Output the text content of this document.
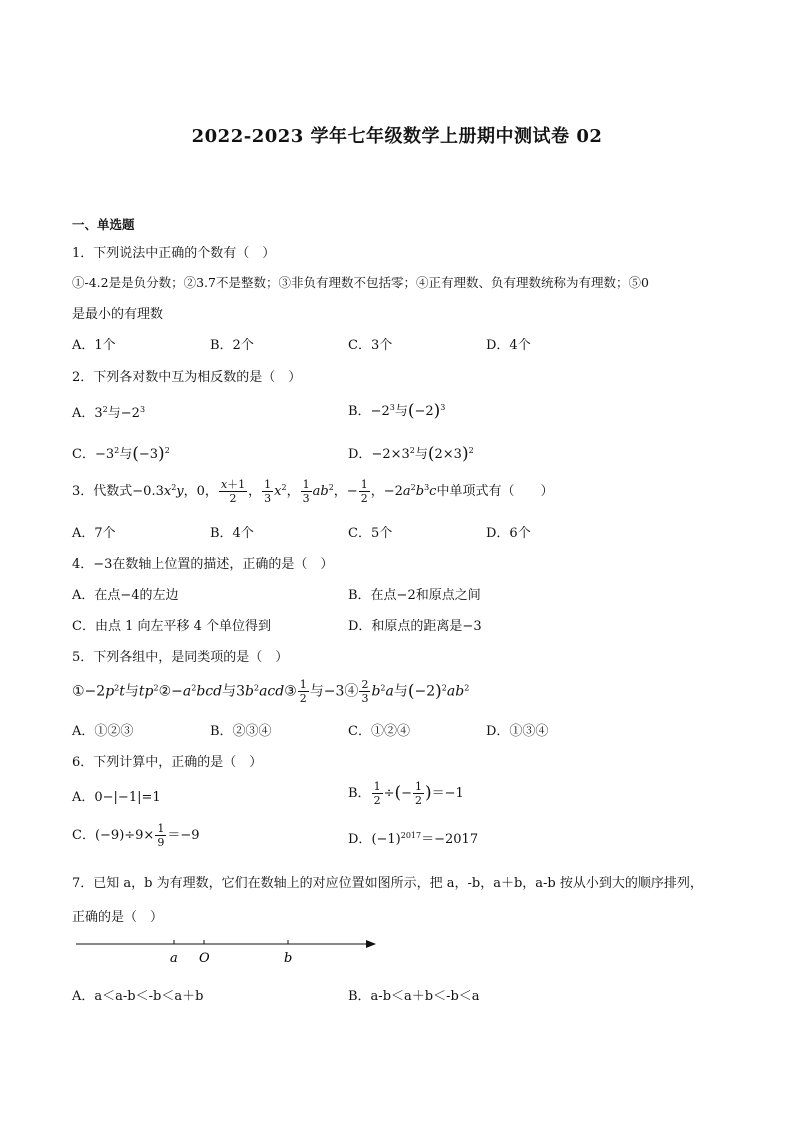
2022-2023 学年七年级数学上册期中测试卷 02
一、单选题
1．下列说法中正确的个数有（　）
①-4.2是是负分数；②3.7不是整数；③非负有理数不包括零；④正有理数、负有理数统称为有理数；⑤0
是最小的有理数
A．1个	B．2个	C．3个	D．4个
2．下列各对数中互为相反数的是（　）
A．$3^2$与$-2^3$	B．$-2^3$与$(-2)^3$
C．$-3^2$与$(-3)^2$	D．$-2\times 3^2$与$(2\times 3)^2$
3．代数式$-0.3x^2y$，0， $\frac{x+1}{2}$ ， $\frac{1}{3} x^2$， $\frac{1}{3} ab^2$，− $\frac{1}{2}$ ，$-2a^2b^3c$中单项式有（　　）
A．7个	B．4个	C．5个	D．6个
4．−3在数轴上位置的描述，正确的是（　）
A．在点−4的左边	B．在点−2和原点之间
C．由点 1 向左平移 4 个单位得到	D．和原点的距离是−3
5．下列各组中，是同类项的是（　）
$①-2p^2t$与$tp^2②-a^2bcd$与$3b^2acd③ \frac{1}{2}$ 与−3④ $\frac{2}{3} b^2a$与$(-2)^2ab^2$
A．①②③	B．②③④	C．①②④	D．①③④
6．下列计算中，正确的是（　）
A．0−|−1|=1	B． $\frac{1}{2}$ ÷(− $\frac{1}{2} )=-1$
C．$(-9)\div 9\times \frac{1}{9} =-9$	D．$(-1)^{2017}=-2017$
7．已知 a，b 为有理数，它们在数轴上的对应位置如图所示，把 a，-b，a＋b，a-b 按从小到大的顺序排列，
正确的是（　）
a O	b
A．a＜a-b＜-b＜a＋b	B．a-b＜a＋b＜-b＜a
